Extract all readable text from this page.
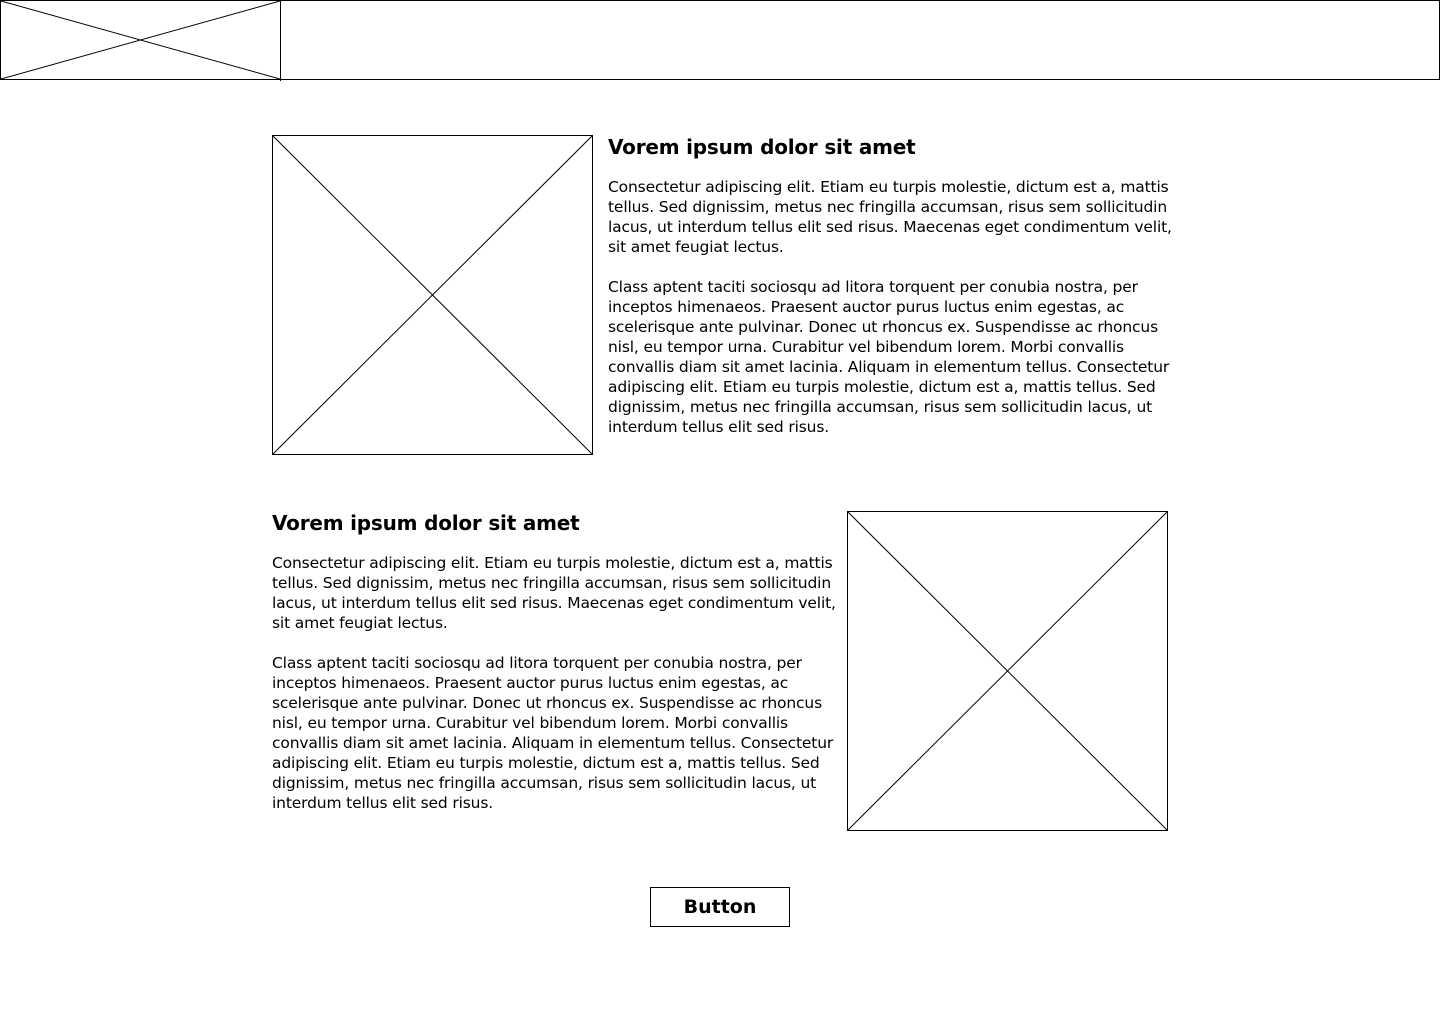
Vorem ipsum dolor sit amet

Consectetur adipiscing elit. Etiam eu turpis molestie, dictum est a, mattis tellus. Sed dignissim, metus nec fringilla accumsan, risus sem sollicitudin lacus, ut interdum tellus elit sed risus. Maecenas eget condimentum velit, sit amet feugiat lectus.

Class aptent taciti sociosqu ad litora torquent per conubia nostra, per inceptos himenaeos. Praesent auctor purus luctus enim egestas, ac scelerisque ante pulvinar. Donec ut rhoncus ex. Suspendisse ac rhoncus nisl, eu tempor urna. Curabitur vel bibendum lorem. Morbi convallis convallis diam sit amet lacinia. Aliquam in elementum tellus. Consectetur adipiscing elit. Etiam eu turpis molestie, dictum est a, mattis tellus. Sed dignissim, metus nec fringilla accumsan, risus sem sollicitudin lacus, ut interdum tellus elit sed risus.

Vorem ipsum dolor sit amet

Consectetur adipiscing elit. Etiam eu turpis molestie, dictum est a, mattis tellus. Sed dignissim, metus nec fringilla accumsan, risus sem sollicitudin lacus, ut interdum tellus elit sed risus. Maecenas eget condimentum velit, sit amet feugiat lectus.

Class aptent taciti sociosqu ad litora torquent per conubia nostra, per inceptos himenaeos. Praesent auctor purus luctus enim egestas, ac scelerisque ante pulvinar. Donec ut rhoncus ex. Suspendisse ac rhoncus nisl, eu tempor urna. Curabitur vel bibendum lorem. Morbi convallis convallis diam sit amet lacinia. Aliquam in elementum tellus. Consectetur adipiscing elit. Etiam eu turpis molestie, dictum est a, mattis tellus. Sed dignissim, metus nec fringilla accumsan, risus sem sollicitudin lacus, ut interdum tellus elit sed risus.

Button
